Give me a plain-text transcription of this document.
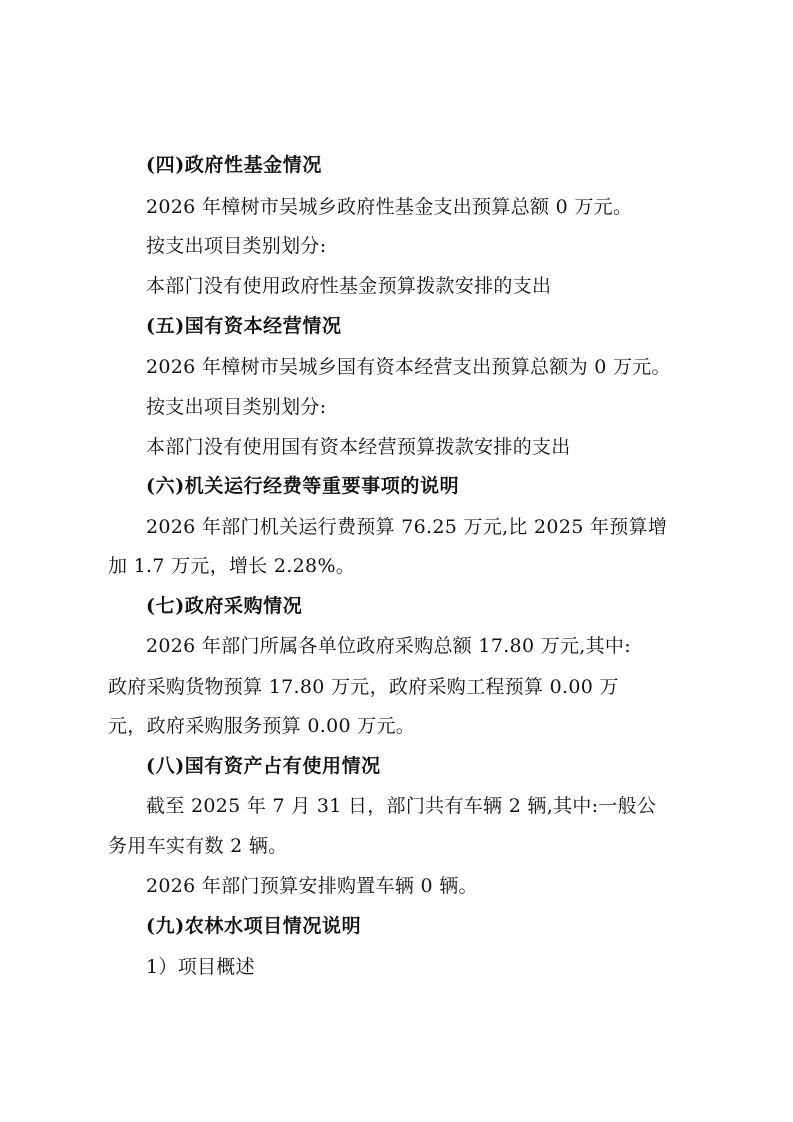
(四)政府性基金情况
2026 年樟树市吴城乡政府性基金支出预算总额 0 万元。
按支出项目类别划分:
本部门没有使用政府性基金预算拨款安排的支出
(五)国有资本经营情况
2026 年樟树市吴城乡国有资本经营支出预算总额为 0 万元。
按支出项目类别划分:
本部门没有使用国有资本经营预算拨款安排的支出
(六)机关运行经费等重要事项的说明
2026 年部门机关运行费预算 76.25 万元,比 2025 年预算增
加 1.7 万元，增长 2.28%。
(七)政府采购情况
2026 年部门所属各单位政府采购总额 17.80 万元,其中:
政府采购货物预算 17.80 万元，政府采购工程预算 0.00 万
元，政府采购服务预算 0.00 万元。
(八)国有资产占有使用情况
截至 2025 年 7 月 31 日，部门共有车辆 2 辆,其中:一般公
务用车实有数 2 辆。
2026 年部门预算安排购置车辆 0 辆。
(九)农林水项目情况说明
1）项目概述
